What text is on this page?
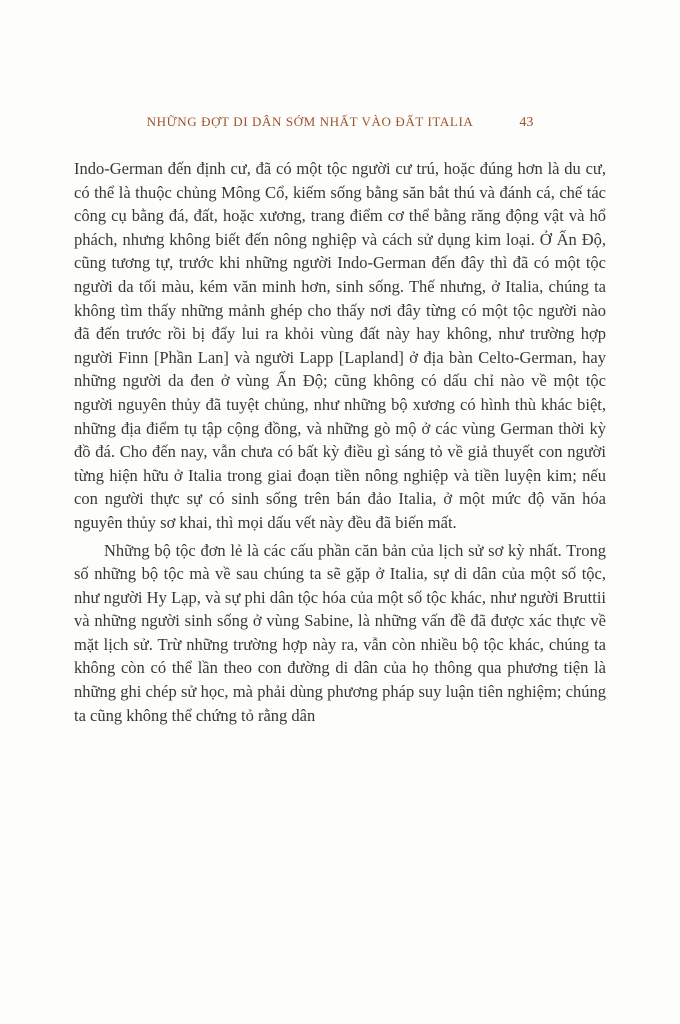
NHỮNG ĐỢT DI DÂN SỚM NHẤT VÀO ĐẤT ITALIA	43

Indo-German đến định cư, đã có một tộc người cư trú, hoặc đúng hơn là du cư, có thể là thuộc chủng Mông Cổ, kiếm sống bằng săn bắt thú và đánh cá, chế tác công cụ bằng đá, đất, hoặc xương, trang điểm cơ thể bằng răng động vật và hổ phách, nhưng không biết đến nông nghiệp và cách sử dụng kim loại. Ở Ấn Độ, cũng tương tự, trước khi những người Indo-German đến đây thì đã có một tộc người da tối màu, kém văn minh hơn, sinh sống. Thế nhưng, ở Italia, chúng ta không tìm thấy những mảnh ghép cho thấy nơi đây từng có một tộc người nào đã đến trước rồi bị đẩy lui ra khỏi vùng đất này hay không, như trường hợp người Finn [Phần Lan] và người Lapp [Lapland] ở địa bàn Celto-German, hay những người da đen ở vùng Ấn Độ; cũng không có dấu chỉ nào về một tộc người nguyên thủy đã tuyệt chủng, như những bộ xương có hình thù khác biệt, những địa điểm tụ tập cộng đồng, và những gò mộ ở các vùng German thời kỳ đồ đá. Cho đến nay, vẫn chưa có bất kỳ điều gì sáng tỏ về giả thuyết con người từng hiện hữu ở Italia trong giai đoạn tiền nông nghiệp và tiền luyện kim; nếu con người thực sự có sinh sống trên bán đảo Italia, ở một mức độ văn hóa nguyên thủy sơ khai, thì mọi dấu vết này đều đã biến mất.

Những bộ tộc đơn lẻ là các cấu phần căn bản của lịch sử sơ kỳ nhất. Trong số những bộ tộc mà về sau chúng ta sẽ gặp ở Italia, sự di dân của một số tộc, như người Hy Lạp, và sự phi dân tộc hóa của một số tộc khác, như người Bruttii và những người sinh sống ở vùng Sabine, là những vấn đề đã được xác thực về mặt lịch sử. Trừ những trường hợp này ra, vẫn còn nhiều bộ tộc khác, chúng ta không còn có thể lần theo con đường di dân của họ thông qua phương tiện là những ghi chép sử học, mà phải dùng phương pháp suy luận tiên nghiệm; chúng ta cũng không thể chứng tỏ rằng dân
